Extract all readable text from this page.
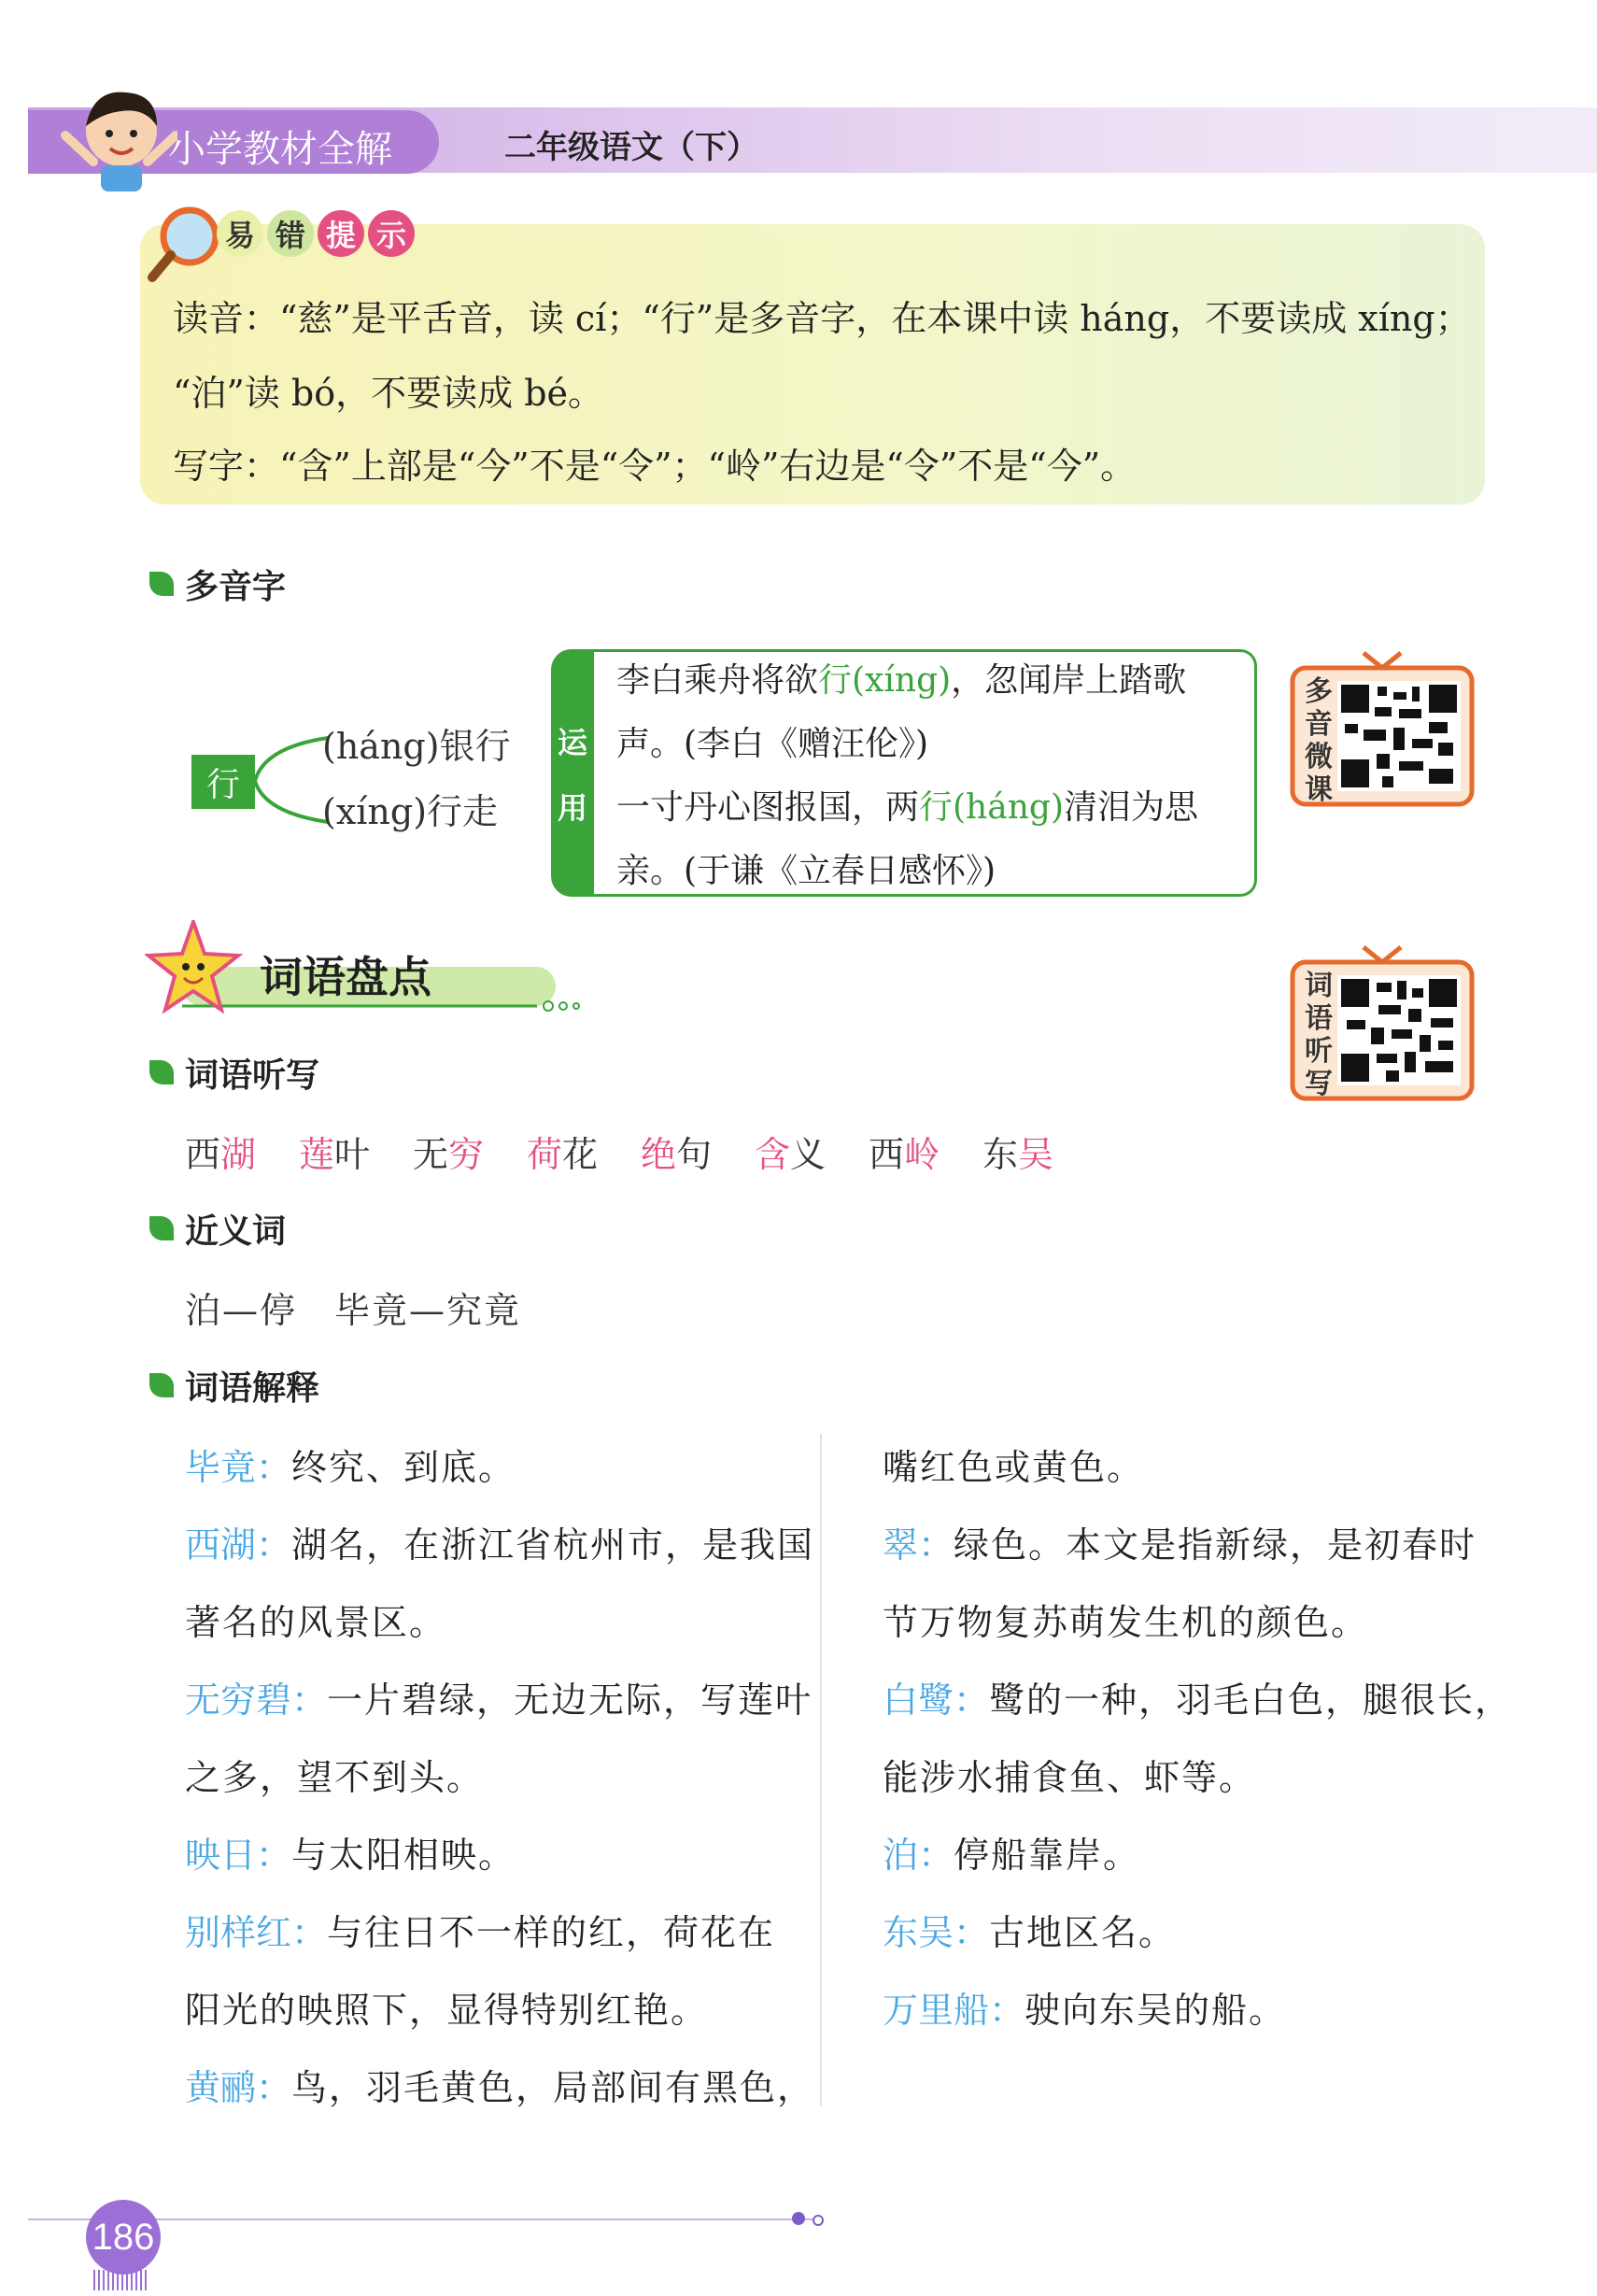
小学教材全解	二年级语文（下）
易 错 提 示
读音：“慈”是平舌音，读 cí；“行”是多音字，在本课中读 háng，不要读成 xíng；
“泊”读 bó，不要读成 bé。
写字：“含”上部是“今”不是“令”；“岭”右边是“令”不是“今”。
多音字
行
(háng)银行
(xíng)行走
运
用
李白乘舟将欲行(xíng)，忽闻岸上踏歌
声。(李白《赠汪伦》)
一寸丹心图报国，两行(háng)清泪为思
亲。(于谦《立春日感怀》)
多
音
微
课
词语盘点	词
语
听
写
词语听写
西湖 莲叶 无穷 荷花 绝句 含义 西岭 东吴
近义词
泊—停　毕竟—究竟
词语解释
毕竟：终究、到底。
西湖：湖名，在浙江省杭州市，是我国
著名的风景区。
无穷碧：一片碧绿，无边无际，写莲叶
之多，望不到头。
映日：与太阳相映。
别样红：与往日不一样的红，荷花在
阳光的映照下，显得特别红艳。
黄鹂：鸟，羽毛黄色，局部间有黑色，
嘴红色或黄色。
翠：绿色。本文是指新绿，是初春时
节万物复苏萌发生机的颜色。
白鹭：鹭的一种，羽毛白色，腿很长，
能涉水捕食鱼、虾等。
泊：停船靠岸。
东吴：古地区名。
万里船：驶向东吴的船。
186
